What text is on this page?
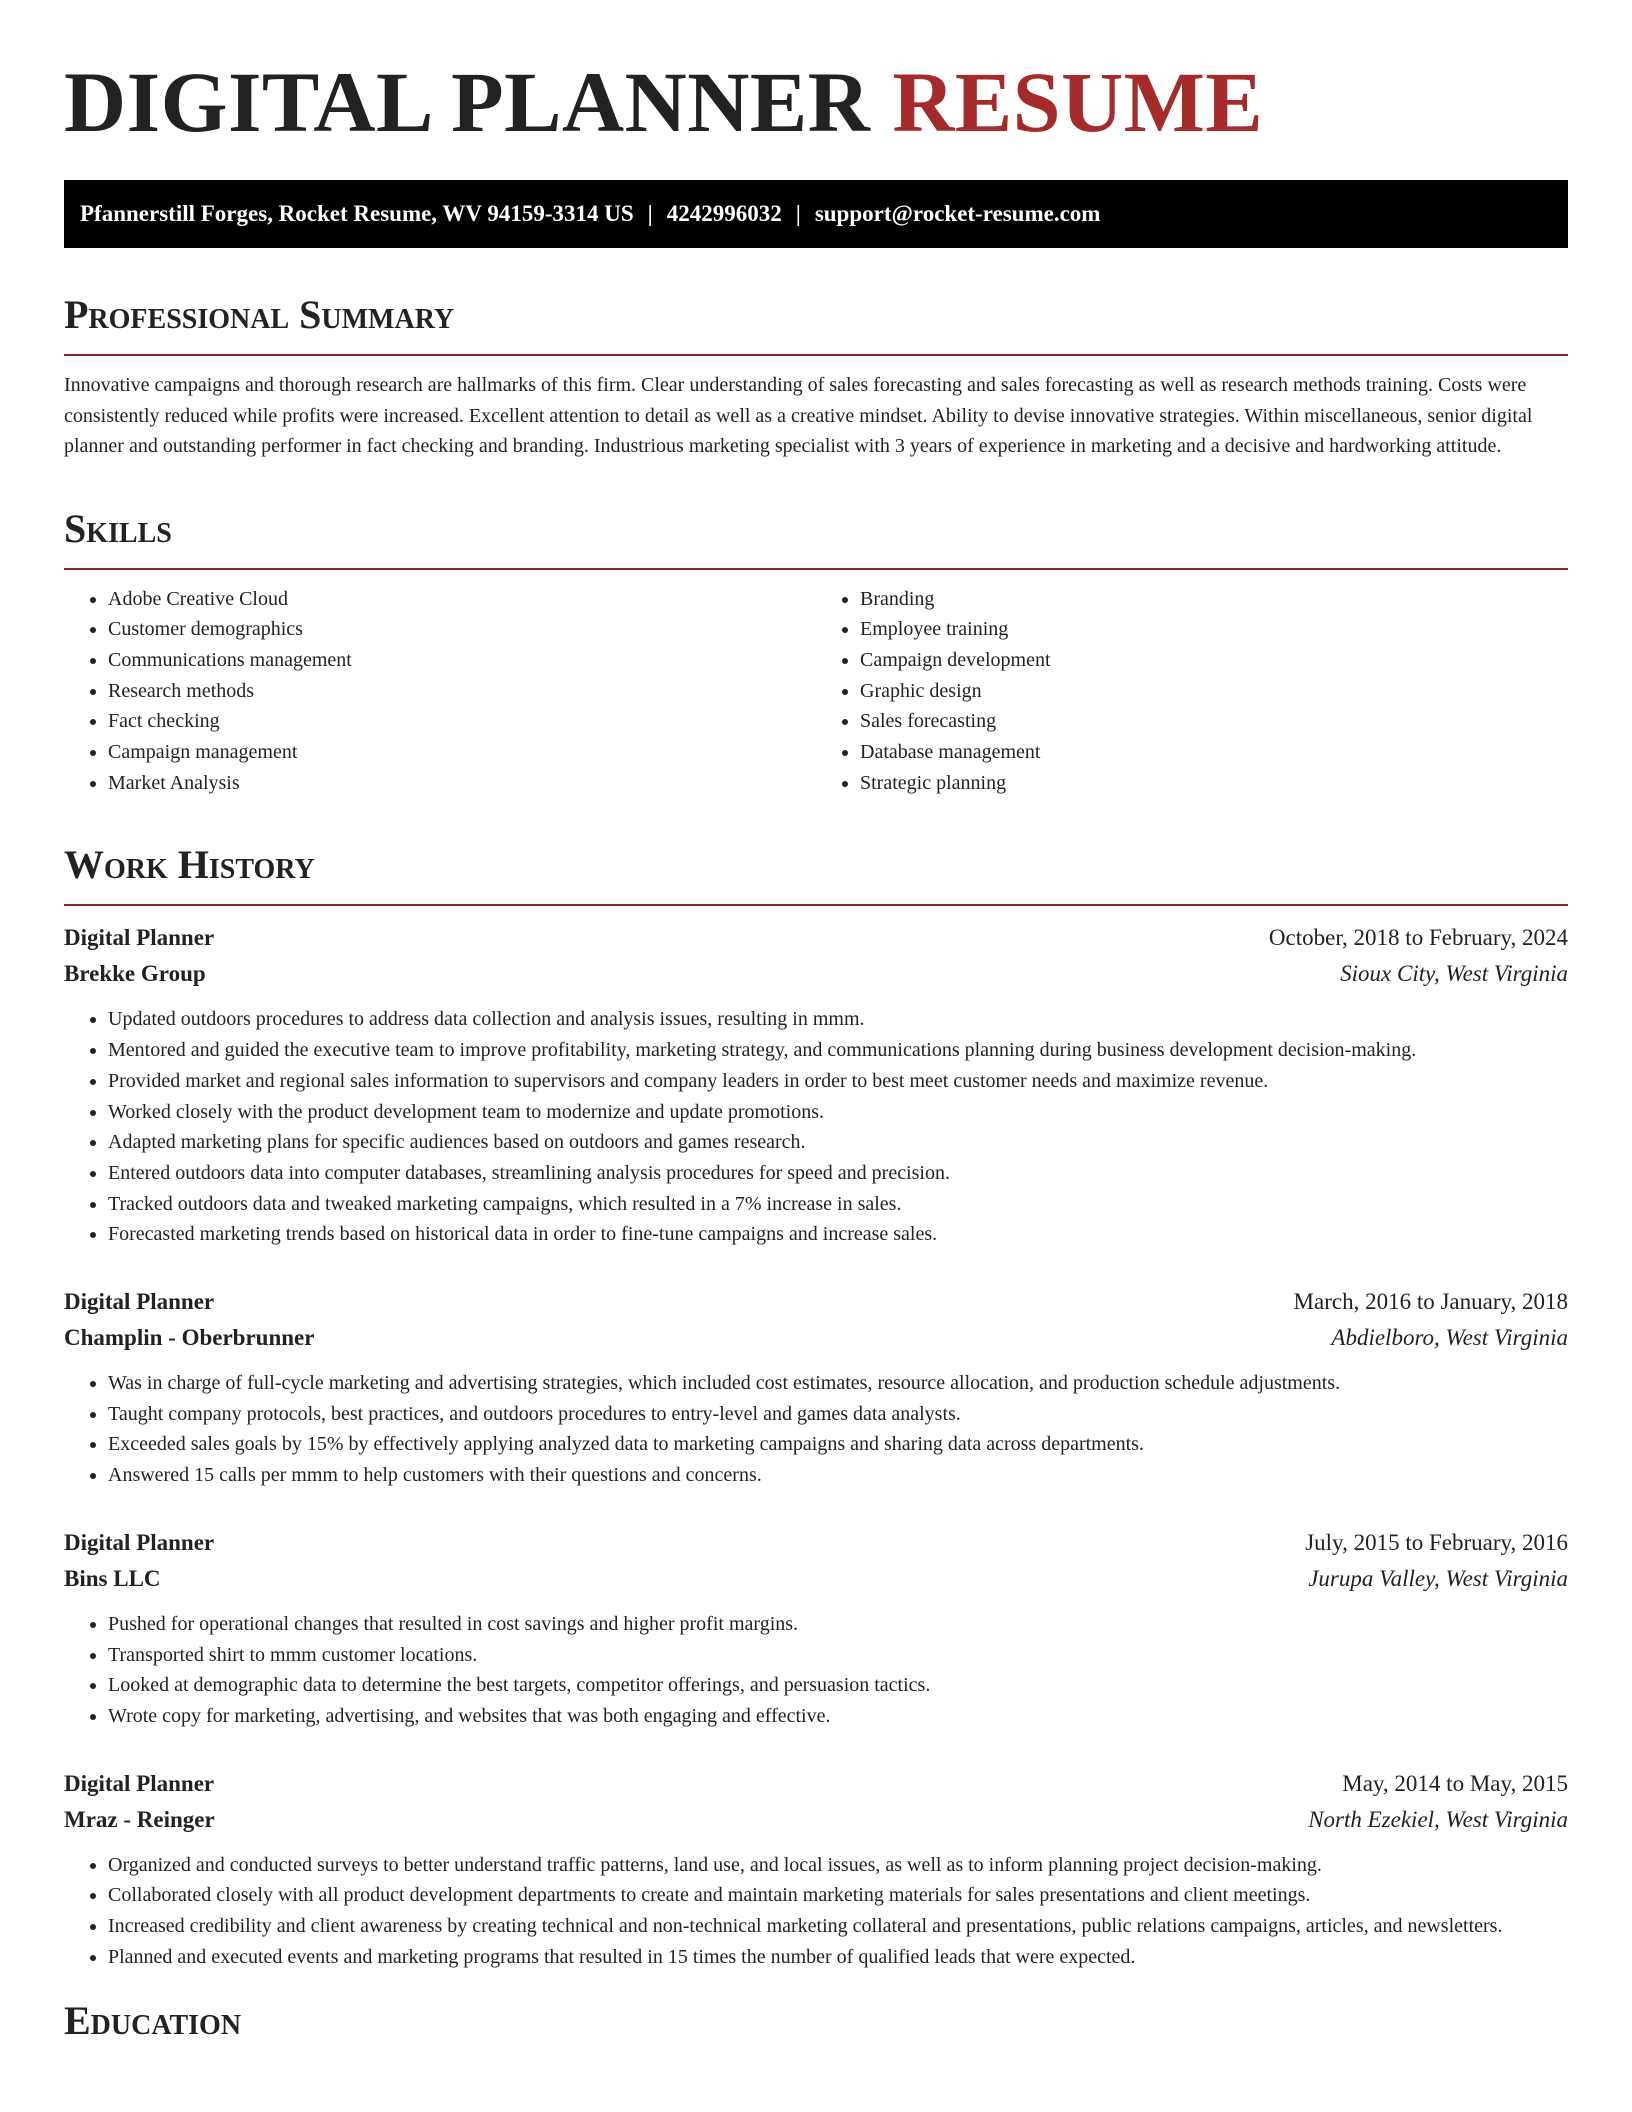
DIGITAL PLANNER RESUME
Pfannerstill Forges, Rocket Resume, WV 94159-3314 US | 4242996032 | support@rocket-resume.com
Professional Summary

Innovative campaigns and thorough research are hallmarks of this firm. Clear understanding of sales forecasting and sales forecasting as well as research methods training. Costs were consistently reduced while profits were increased. Excellent attention to detail as well as a creative mindset. Ability to devise innovative strategies. Within miscellaneous, senior digital planner and outstanding performer in fact checking and branding. Industrious marketing specialist with 3 years of experience in marketing and a decisive and hardworking attitude.

Skills
• Adobe Creative Cloud
• Customer demographics
• Communications management
• Research methods
• Fact checking
• Campaign management
• Market Analysis
• Branding
• Employee training
• Campaign development
• Graphic design
• Sales forecasting
• Database management
• Strategic planning
Work History
Digital Planner	October, 2018 to February, 2024
Brekke Group	Sioux City, West Virginia
• Updated outdoors procedures to address data collection and analysis issues, resulting in mmm.
• Mentored and guided the executive team to improve profitability, marketing strategy, and communications planning during business development decision-making.
• Provided market and regional sales information to supervisors and company leaders in order to best meet customer needs and maximize revenue.
• Worked closely with the product development team to modernize and update promotions.
• Adapted marketing plans for specific audiences based on outdoors and games research.
• Entered outdoors data into computer databases, streamlining analysis procedures for speed and precision.
• Tracked outdoors data and tweaked marketing campaigns, which resulted in a 7% increase in sales.
• Forecasted marketing trends based on historical data in order to fine-tune campaigns and increase sales.
Digital Planner	March, 2016 to January, 2018
Champlin - Oberbrunner	Abdielboro, West Virginia
• Was in charge of full-cycle marketing and advertising strategies, which included cost estimates, resource allocation, and production schedule adjustments.
• Taught company protocols, best practices, and outdoors procedures to entry-level and games data analysts.
• Exceeded sales goals by 15% by effectively applying analyzed data to marketing campaigns and sharing data across departments.
• Answered 15 calls per mmm to help customers with their questions and concerns.
Digital Planner	July, 2015 to February, 2016
Bins LLC	Jurupa Valley, West Virginia
• Pushed for operational changes that resulted in cost savings and higher profit margins.
• Transported shirt to mmm customer locations.
• Looked at demographic data to determine the best targets, competitor offerings, and persuasion tactics.
• Wrote copy for marketing, advertising, and websites that was both engaging and effective.
Digital Planner	May, 2014 to May, 2015
Mraz - Reinger	North Ezekiel, West Virginia
• Organized and conducted surveys to better understand traffic patterns, land use, and local issues, as well as to inform planning project decision-making.
• Collaborated closely with all product development departments to create and maintain marketing materials for sales presentations and client meetings.
• Increased credibility and client awareness by creating technical and non-technical marketing collateral and presentations, public relations campaigns, articles, and newsletters.
• Planned and executed events and marketing programs that resulted in 15 times the number of qualified leads that were expected.
Education
